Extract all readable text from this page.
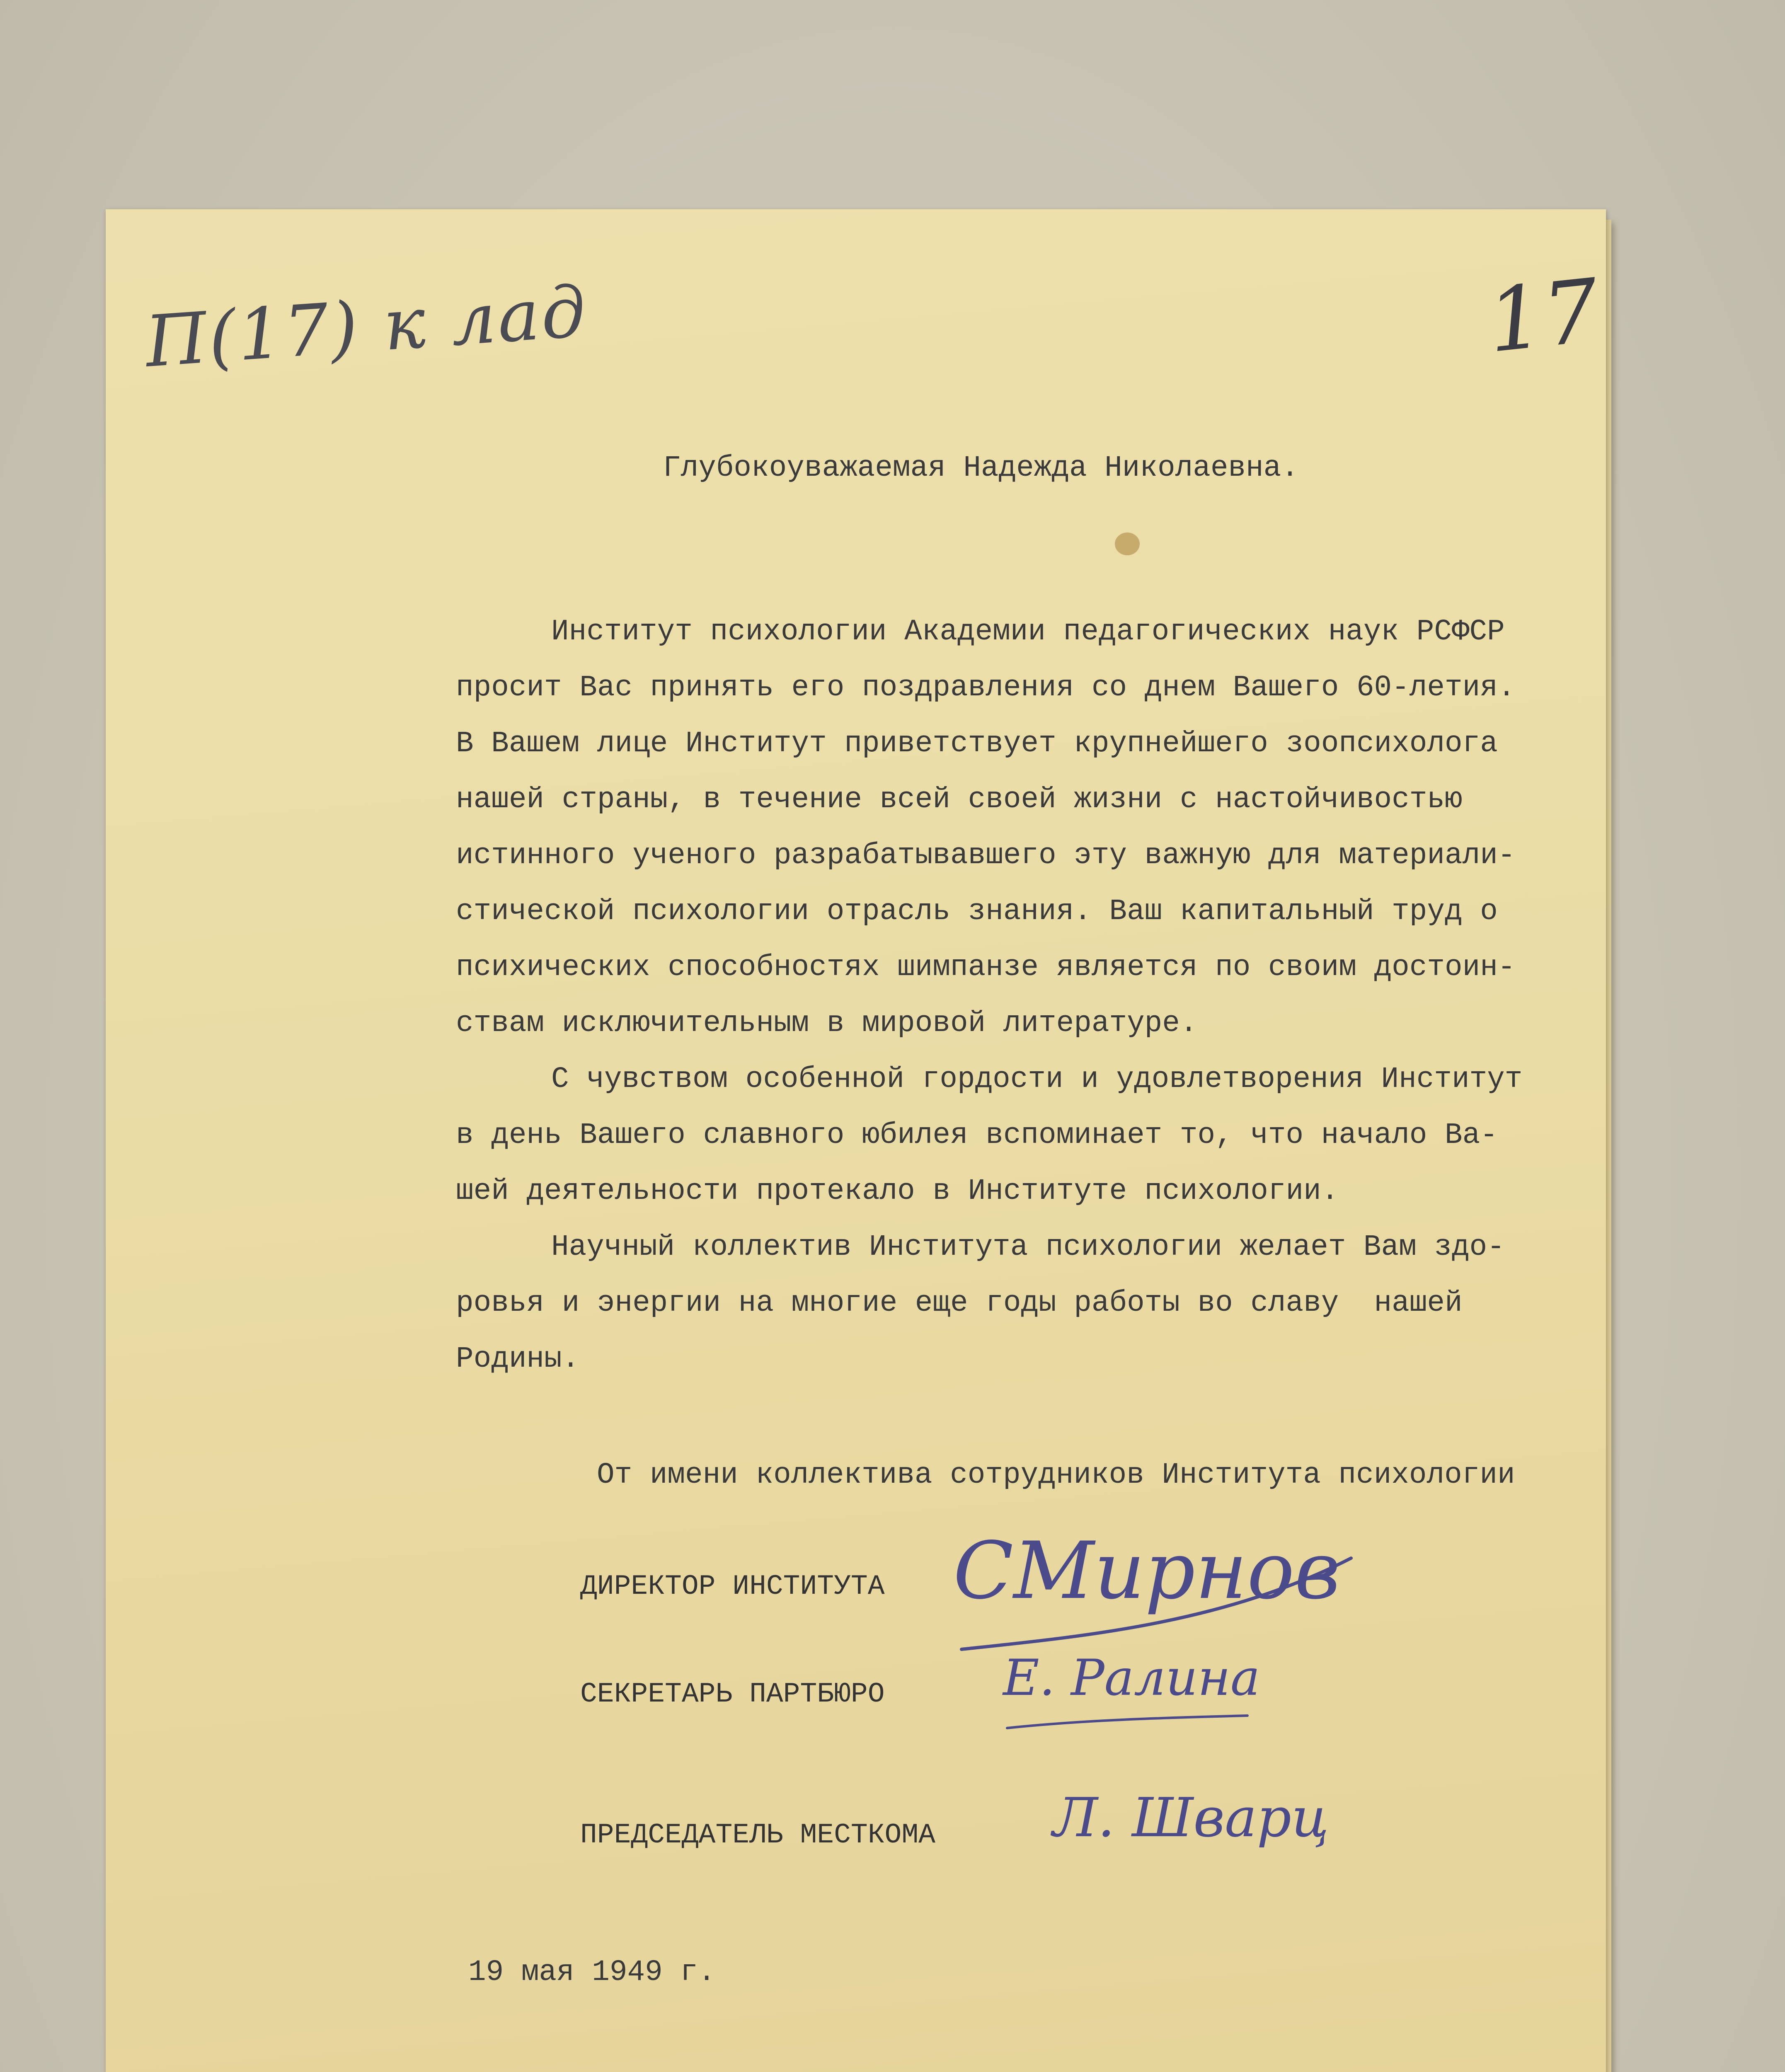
П(17) к лад	17
Глубокоуважаемая Надежда Николаевна.
Институт психологии Академии педагогических наук РСФСР
просит Вас принять его поздравления со днем Вашего 60-летия.
В Вашем лице Институт приветствует крупнейшего зоопсихолога
нашей страны, в течение всей своей жизни с настойчивостью
истинного ученого разрабатывавшего эту важную для материали-
стической психологии отрасль знания. Ваш капитальный труд о
психических способностях шимпанзе является по своим достоин-
ствам исключительным в мировой литературе.
С чувством особенной гордости и удовлетворения Институт
в день Вашего славного юбилея вспоминает то, что начало Ва-
шей деятельности протекало в Институте психологии.
Научный коллектив Института психологии желает Вам здо-
ровья и энергии на многие еще годы работы во славу  нашей
Родины.
От имени коллектива сотрудников Института психологии
ДИРЕКТОР ИНСТИТУТА СМирнов
СЕКРЕТАРЬ ПАРТБЮРО Е. Ралина
ПРЕДСЕДАТЕЛЬ МЕСТКОМА Л. Шварц
19 мая 1949 г.
